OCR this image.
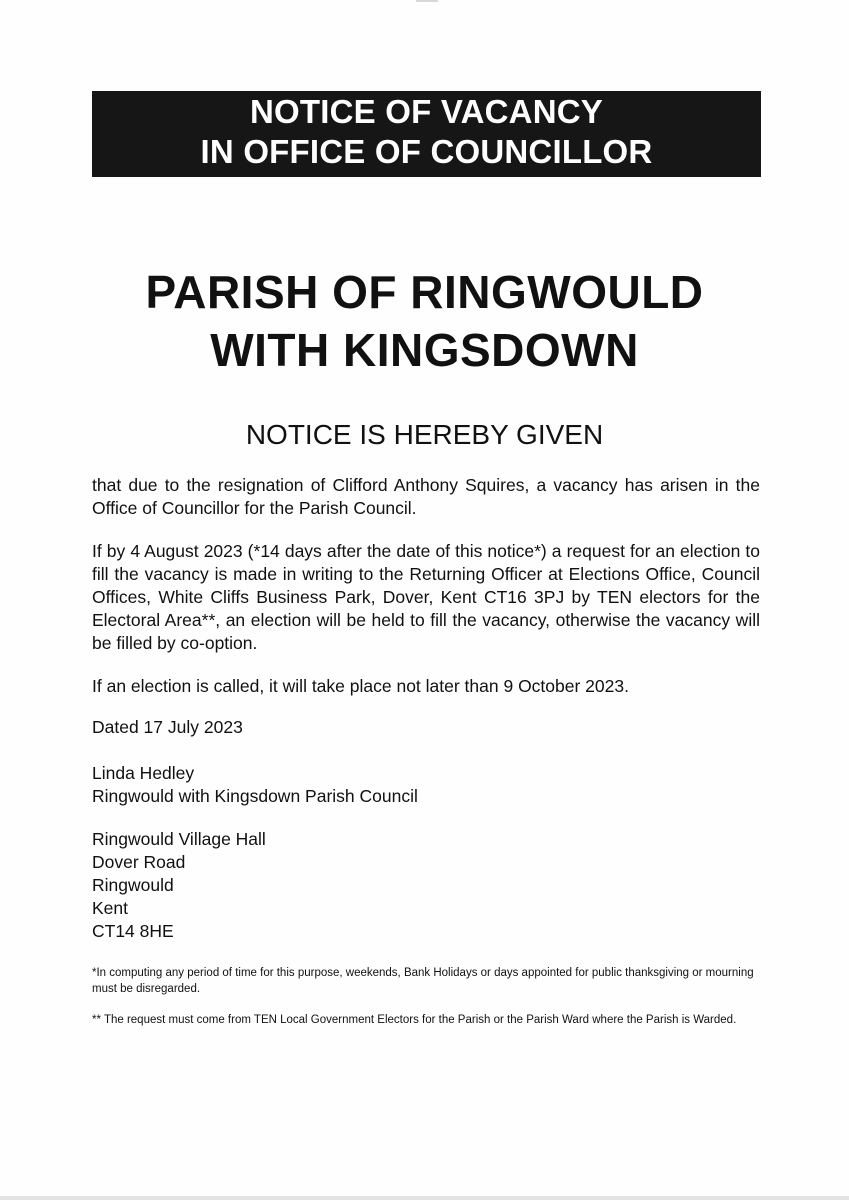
NOTICE OF VACANCY
IN OFFICE OF COUNCILLOR
PARISH OF RINGWOULD
WITH KINGSDOWN
NOTICE IS HEREBY GIVEN

that due to the resignation of Clifford Anthony Squires, a vacancy has arisen in the Office of Councillor for the Parish Council.

If by 4 August 2023 (*14 days after the date of this notice*) a request for an election to fill the vacancy is made in writing to the Returning Officer at Elections Office, Council Offices, White Cliffs Business Park, Dover, Kent CT16 3PJ by TEN electors for the Electoral Area**, an election will be held to fill the vacancy, otherwise the vacancy will be filled by co-option.

If an election is called, it will take place not later than 9 October 2023.

Dated 17 July 2023

Linda Hedley
Ringwould with Kingsdown Parish Council
Ringwould Village Hall
Dover Road
Ringwould
Kent
CT14 8HE

*In computing any period of time for this purpose, weekends, Bank Holidays or days appointed for public thanksgiving or mourning must be disregarded.

** The request must come from TEN Local Government Electors for the Parish or the Parish Ward where the Parish is Warded.
